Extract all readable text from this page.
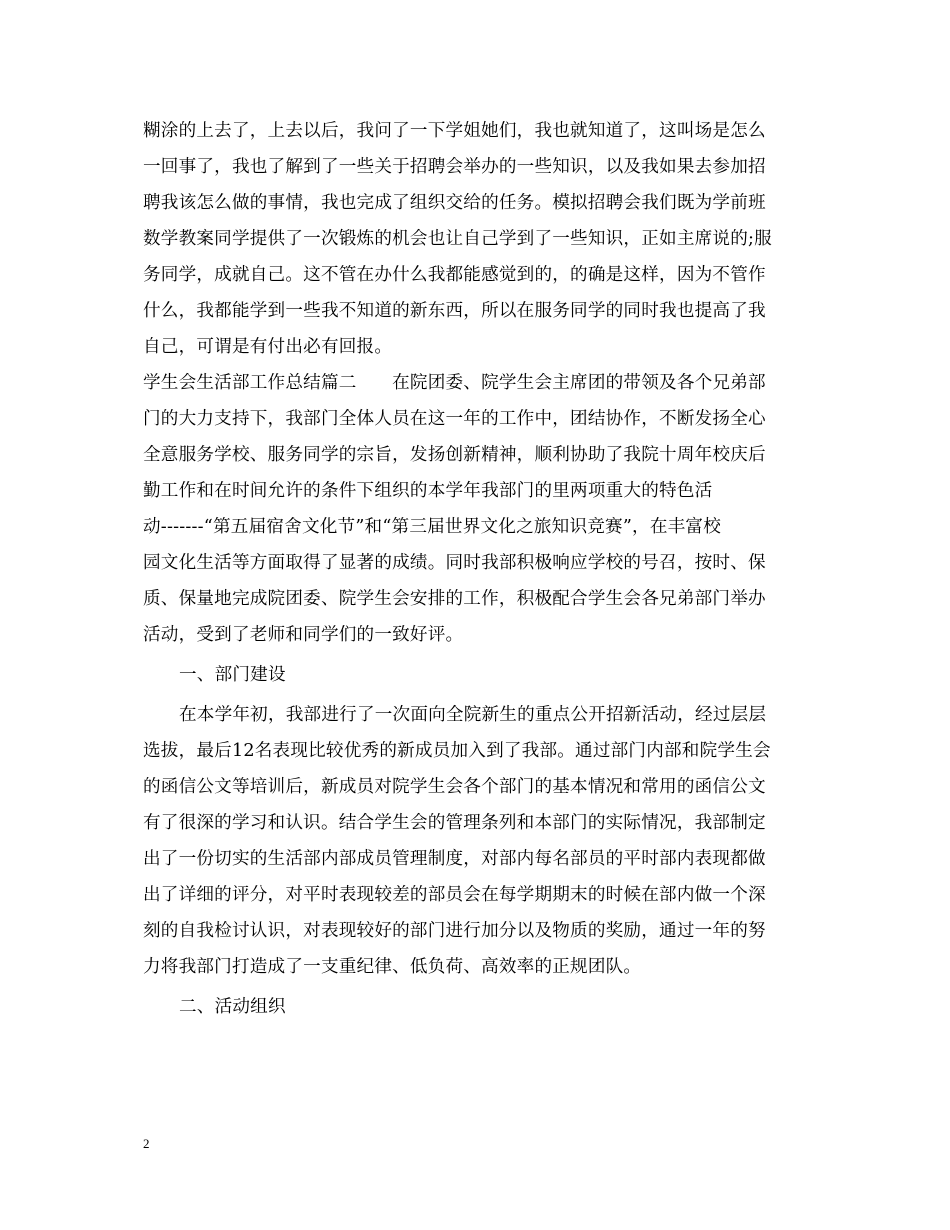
糊涂的上去了，上去以后，我问了一下学姐她们，我也就知道了，这叫场是怎么
一回事了，我也了解到了一些关于招聘会举办的一些知识，以及我如果去参加招
聘我该怎么做的事情，我也完成了组织交给的任务。模拟招聘会我们既为学前班
数学教案同学提供了一次锻炼的机会也让自己学到了一些知识，正如主席说的;服
务同学，成就自己。这不管在办什么我都能感觉到的，的确是这样，因为不管作
什么，我都能学到一些我不知道的新东西，所以在服务同学的同时我也提高了我
自己，可谓是有付出必有回报。
学生会生活部工作总结篇二　　在院团委、院学生会主席团的带领及各个兄弟部
门的大力支持下，我部门全体人员在这一年的工作中，团结协作，不断发扬全心
全意服务学校、服务同学的宗旨，发扬创新精神，顺利协助了我院十周年校庆后
勤工作和在时间允许的条件下组织的本学年我部门的里两项重大的特色活
动-------“第五届宿舍文化节”和“第三届世界文化之旅知识竞赛”，在丰富校
园文化生活等方面取得了显著的成绩。同时我部积极响应学校的号召，按时、保
质、保量地完成院团委、院学生会安排的工作，积极配合学生会各兄弟部门举办
活动，受到了老师和同学们的一致好评。
一、部门建设
在本学年初，我部进行了一次面向全院新生的重点公开招新活动，经过层层
选拔，最后12名表现比较优秀的新成员加入到了我部。通过部门内部和院学生会
的函信公文等培训后，新成员对院学生会各个部门的基本情况和常用的函信公文
有了很深的学习和认识。结合学生会的管理条列和本部门的实际情况，我部制定
出了一份切实的生活部内部成员管理制度，对部内每名部员的平时部内表现都做
出了详细的评分，对平时表现较差的部员会在每学期期末的时候在部内做一个深
刻的自我检讨认识，对表现较好的部门进行加分以及物质的奖励，通过一年的努
力将我部门打造成了一支重纪律、低负荷、高效率的正规团队。
二、活动组织
2
